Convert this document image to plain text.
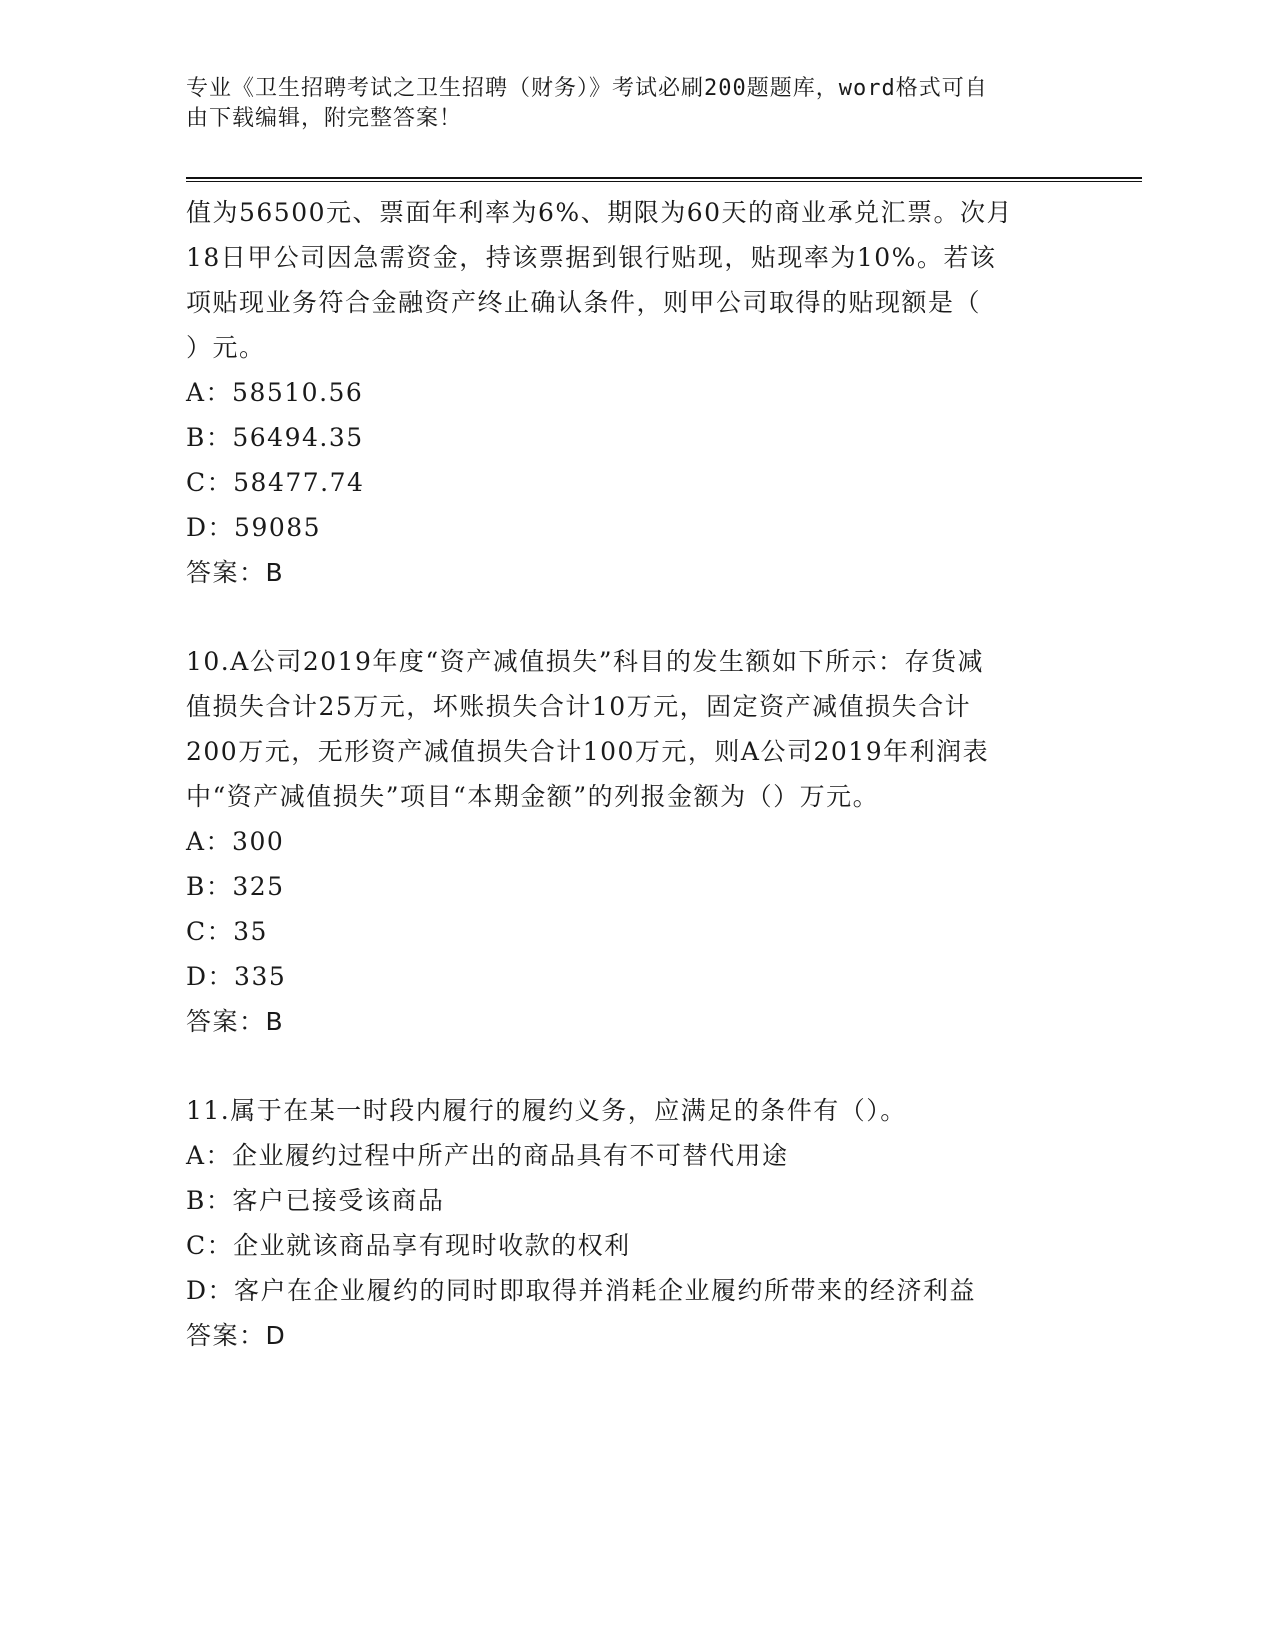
专业《卫生招聘考试之卫生招聘（财务）》考试必刷200题题库，word格式可自
由下载编辑，附完整答案！
值为56500元、票面年利率为6%、期限为60天的商业承兑汇票。次月
18日甲公司因急需资金，持该票据到银行贴现，贴现率为10%。若该
项贴现业务符合金融资产终止确认条件，则甲公司取得的贴现额是（
）元。
A：58510.56
B：56494.35
C：58477.74
D：59085
答案：B
10.A公司2019年度“资产减值损失”科目的发生额如下所示：存货减
值损失合计25万元，坏账损失合计10万元，固定资产减值损失合计
200万元，无形资产减值损失合计100万元，则A公司2019年利润表
中“资产减值损失”项目“本期金额”的列报金额为（）万元。
A：300
B：325
C：35
D：335
答案：B
11.属于在某一时段内履行的履约义务，应满足的条件有（）。
A：企业履约过程中所产出的商品具有不可替代用途
B：客户已接受该商品
C：企业就该商品享有现时收款的权利
D：客户在企业履约的同时即取得并消耗企业履约所带来的经济利益
答案：D
